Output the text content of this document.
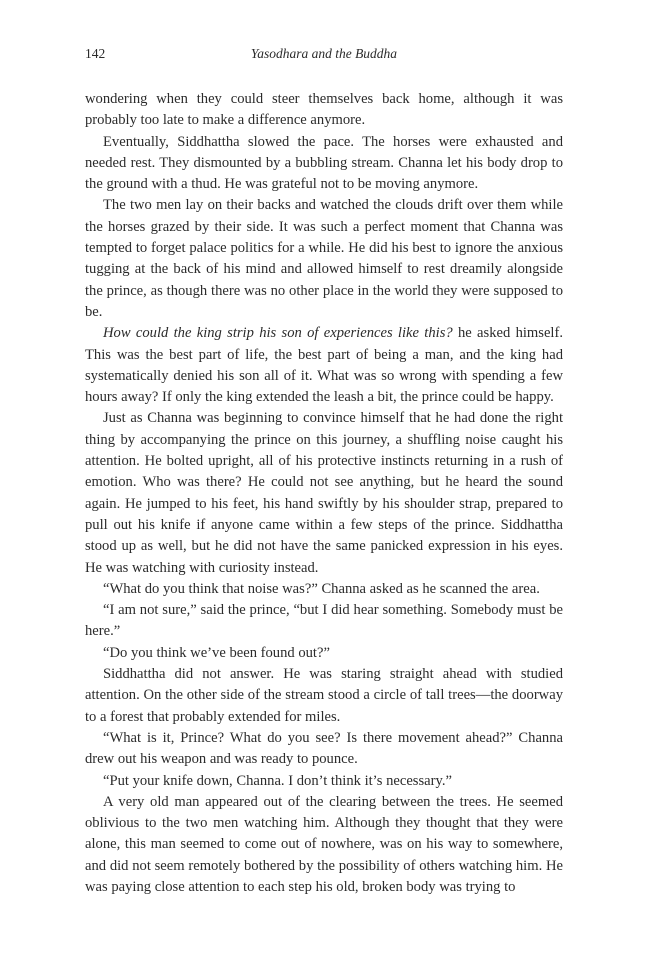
142	Yasodhara and the Buddha

wondering when they could steer themselves back home, although it was probably too late to make a difference anymore.

Eventually, Siddhattha slowed the pace. The horses were exhausted and needed rest. They dismounted by a bubbling stream. Channa let his body drop to the ground with a thud. He was grateful not to be moving anymore.

The two men lay on their backs and watched the clouds drift over them while the horses grazed by their side. It was such a perfect moment that Channa was tempted to forget palace politics for a while. He did his best to ignore the anxious tugging at the back of his mind and allowed himself to rest dreamily alongside the prince, as though there was no other place in the world they were supposed to be.

How could the king strip his son of experiences like this? he asked himself. This was the best part of life, the best part of being a man, and the king had systematically denied his son all of it. What was so wrong with spending a few hours away? If only the king extended the leash a bit, the prince could be happy.

Just as Channa was beginning to convince himself that he had done the right thing by accompanying the prince on this journey, a shuffling noise caught his attention. He bolted upright, all of his protective instincts returning in a rush of emotion. Who was there? He could not see anything, but he heard the sound again. He jumped to his feet, his hand swiftly by his shoulder strap, prepared to pull out his knife if anyone came within a few steps of the prince. Siddhattha stood up as well, but he did not have the same panicked expression in his eyes. He was watching with curiosity instead.

“What do you think that noise was?” Channa asked as he scanned the area.

“I am not sure,” said the prince, “but I did hear something. Somebody must be here.”

“Do you think we’ve been found out?”

Siddhattha did not answer. He was staring straight ahead with studied attention. On the other side of the stream stood a circle of tall trees—the doorway to a forest that probably extended for miles.

“What is it, Prince? What do you see? Is there movement ahead?” Channa drew out his weapon and was ready to pounce.

“Put your knife down, Channa. I don’t think it’s necessary.”

A very old man appeared out of the clearing between the trees. He seemed oblivious to the two men watching him. Although they thought that they were alone, this man seemed to come out of nowhere, was on his way to somewhere, and did not seem remotely bothered by the possibility of others watching him. He was paying close attention to each step his old, broken body was trying to
